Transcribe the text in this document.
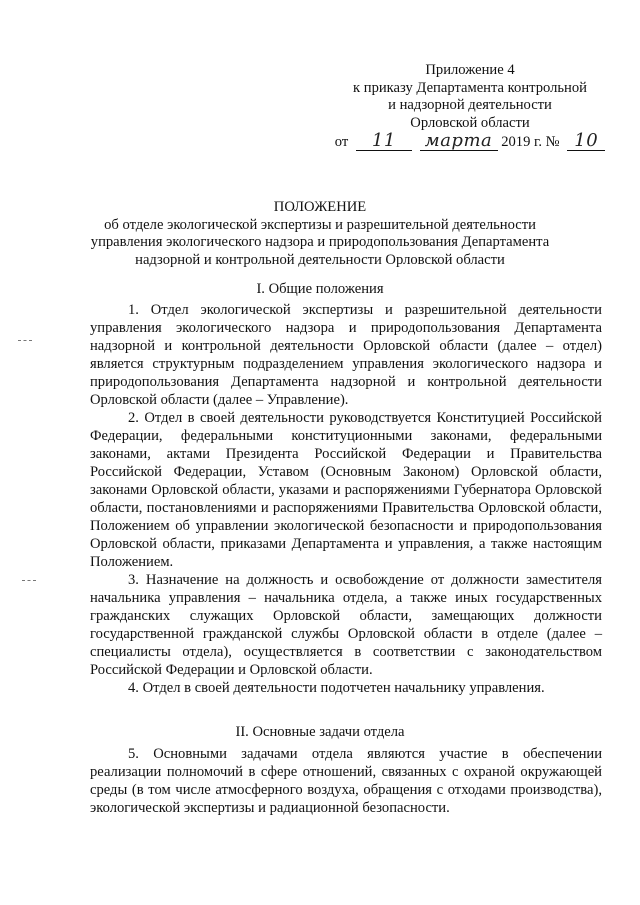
Приложение 4
к приказу Департамента контрольной
и надзорной деятельности
Орловской области
от 11 марта 2019 г. № 10
ПОЛОЖЕНИЕ
об отделе экологической экспертизы и разрешительной деятельности
управления экологического надзора и природопользования Департамента
надзорной и контрольной деятельности Орловской области
I. Общие положения

1. Отдел экологической экспертизы и разрешительной деятельности управления экологического надзора и природопользования Департамента надзорной и контрольной деятельности Орловской области (далее – отдел) является структурным подразделением управления экологического надзора и природопользования Департамента надзорной и контрольной деятельности Орловской области (далее – Управление).

2. Отдел в своей деятельности руководствуется Конституцией Российской Федерации, федеральными конституционными законами, федеральными законами, актами Президента Российской Федерации и Правительства Российской Федерации, Уставом (Основным Законом) Орловской области, законами Орловской области, указами и распоряжениями Губернатора Орловской области, постановлениями и распоряжениями Правительства Орловской области, Положением об управлении экологической безопасности и природопользования Орловской области, приказами Департамента и управления, а также настоящим Положением.

3. Назначение на должность и освобождение от должности заместителя начальника управления – начальника отдела, а также иных государственных гражданских служащих Орловской области, замещающих должности государственной гражданской службы Орловской области в отделе (далее – специалисты отдела), осуществляется в соответствии с законодательством Российской Федерации и Орловской области.

4. Отдел в своей деятельности подотчетен начальнику управления.

II. Основные задачи отдела

5. Основными задачами отдела являются участие в обеспечении реализации полномочий в сфере отношений, связанных с охраной окружающей среды (в том числе атмосферного воздуха, обращения с отходами производства), экологической экспертизы и радиационной безопасности.
